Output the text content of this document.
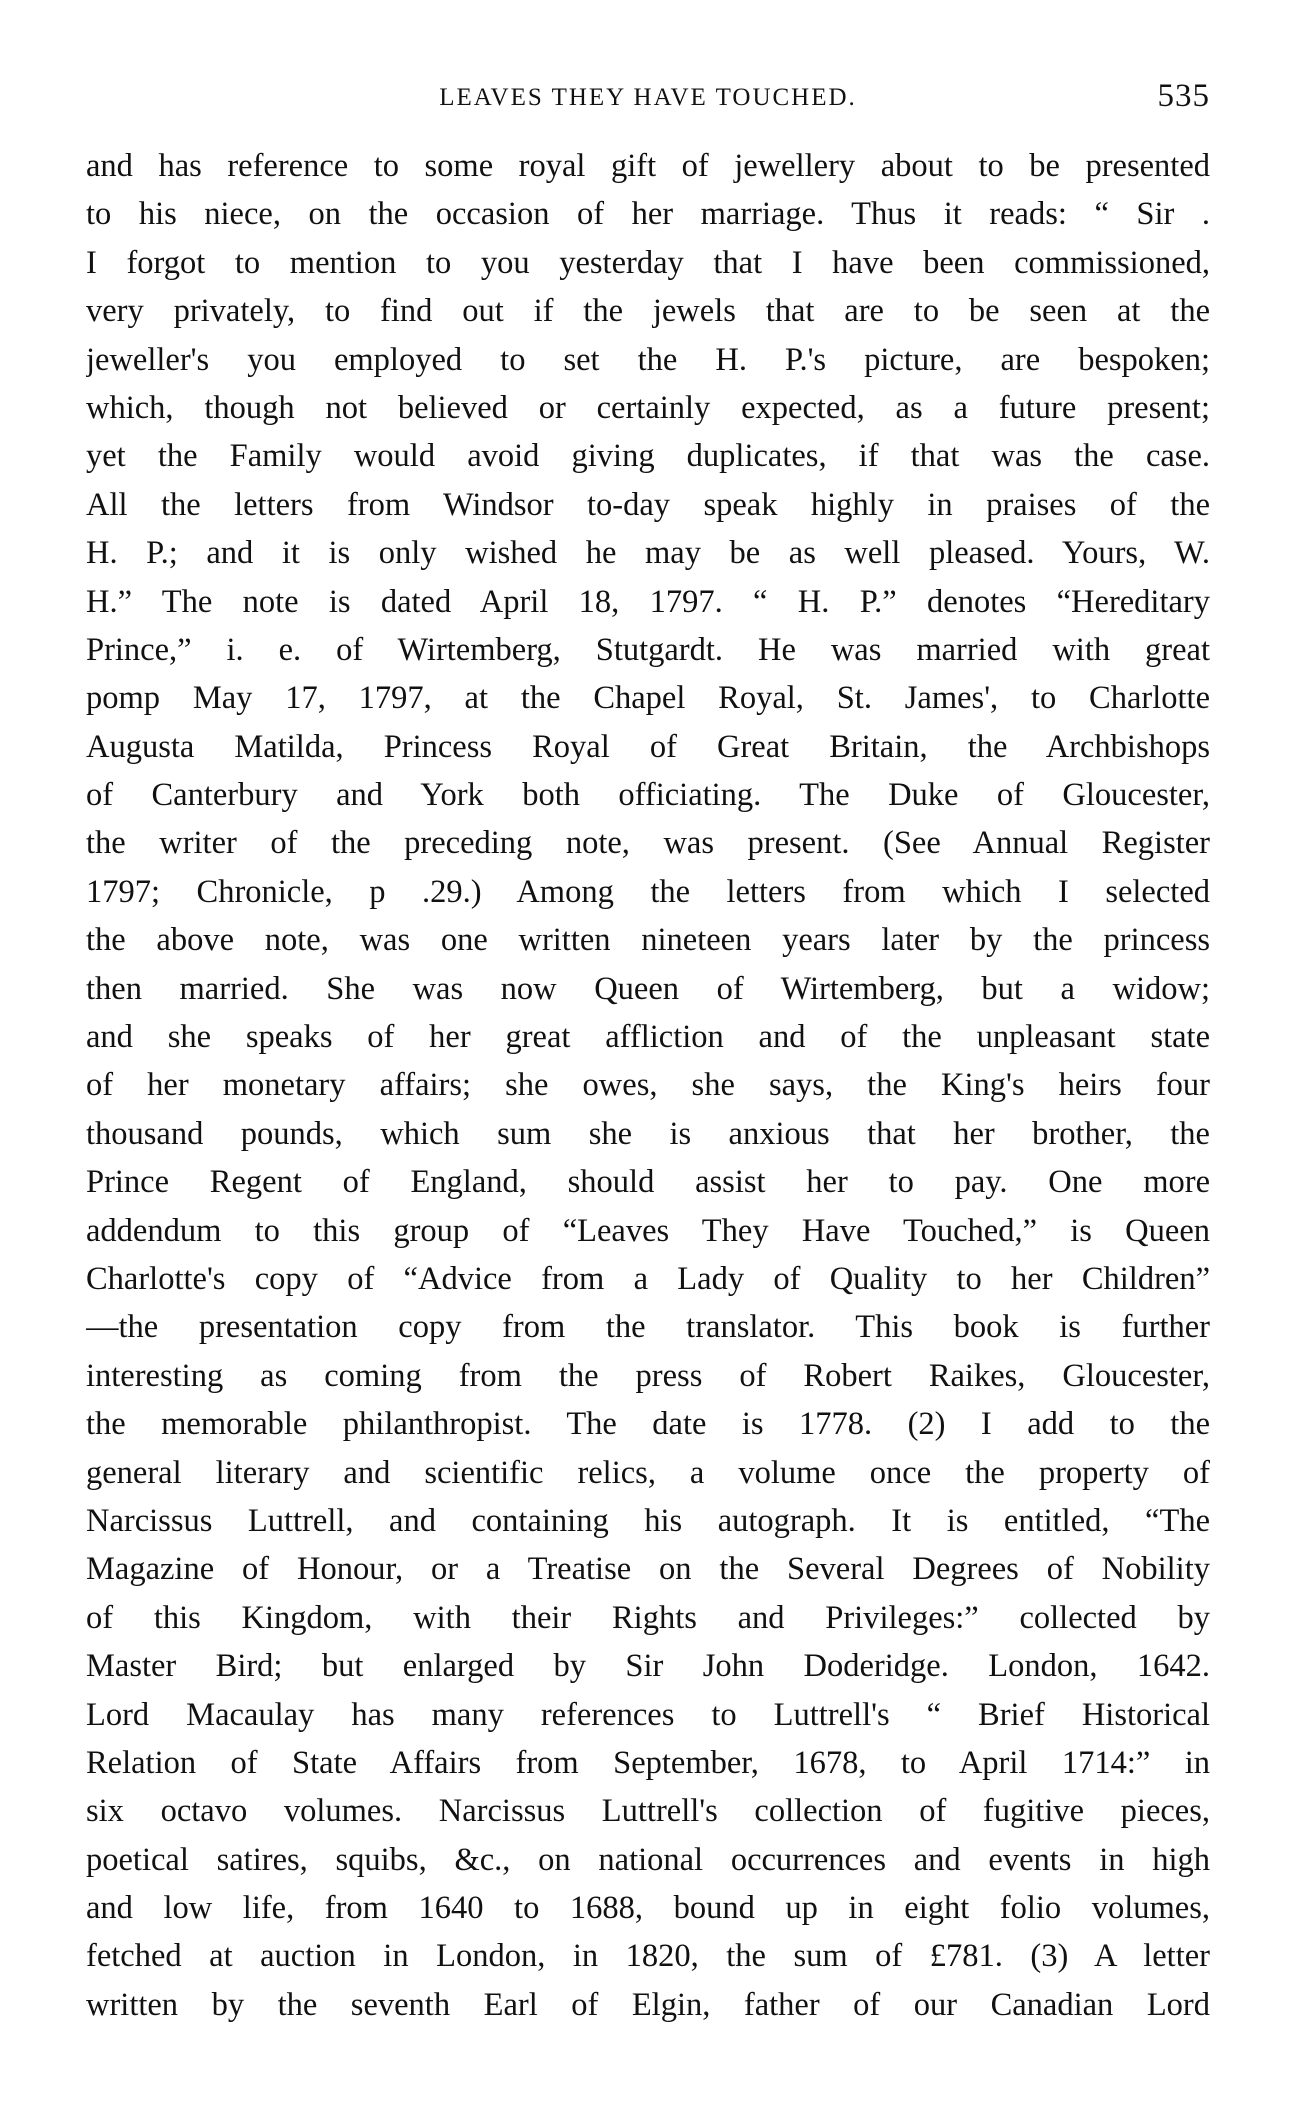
LEAVES THEY HAVE TOUCHED.	535
and has reference to some royal gift of jewellery about to be presented
to his niece, on the occasion of her marriage. Thus it reads: “ Sir .
I forgot to mention to you yesterday that I have been commissioned,
very privately, to find out if the jewels that are to be seen at the
jeweller's you employed to set the H. P.'s picture, are bespoken;
which, though not believed or certainly expected, as a future present;
yet the Family would avoid giving duplicates, if that was the case.
All the letters from Windsor to-day speak highly in praises of the
H. P.; and it is only wished he may be as well pleased. Yours, W.
H.” The note is dated April 18, 1797. “ H. P.” denotes “Hereditary
Prince,” i. e. of Wirtemberg, Stutgardt. He was married with great
pomp May 17, 1797, at the Chapel Royal, St. James', to Charlotte
Augusta Matilda, Princess Royal of Great Britain, the Archbishops
of Canterbury and York both officiating. The Duke of Gloucester,
the writer of the preceding note, was present. (See Annual Register
1797; Chronicle, p .29.) Among the letters from which I selected
the above note, was one written nineteen years later by the princess
then married. She was now Queen of Wirtemberg, but a widow;
and she speaks of her great affliction and of the unpleasant state
of her monetary affairs; she owes, she says, the King's heirs four
thousand pounds, which sum she is anxious that her brother, the
Prince Regent of England, should assist her to pay. One more
addendum to this group of “Leaves They Have Touched,” is Queen
Charlotte's copy of “Advice from a Lady of Quality to her Children”
—the presentation copy from the translator. This book is further
interesting as coming from the press of Robert Raikes, Gloucester,
the memorable philanthropist. The date is 1778. (2) I add to the
general literary and scientific relics, a volume once the property of
Narcissus Luttrell, and containing his autograph. It is entitled, “The
Magazine of Honour, or a Treatise on the Several Degrees of Nobility
of this Kingdom, with their Rights and Privileges:” collected by
Master Bird; but enlarged by Sir John Doderidge. London, 1642.
Lord Macaulay has many references to Luttrell's “ Brief Historical
Relation of State Affairs from September, 1678, to April 1714:” in
six octavo volumes. Narcissus Luttrell's collection of fugitive pieces,
poetical satires, squibs, &c., on national occurrences and events in high
and low life, from 1640 to 1688, bound up in eight folio volumes,
fetched at auction in London, in 1820, the sum of £781. (3) A letter
written by the seventh Earl of Elgin, father of our Canadian Lord
